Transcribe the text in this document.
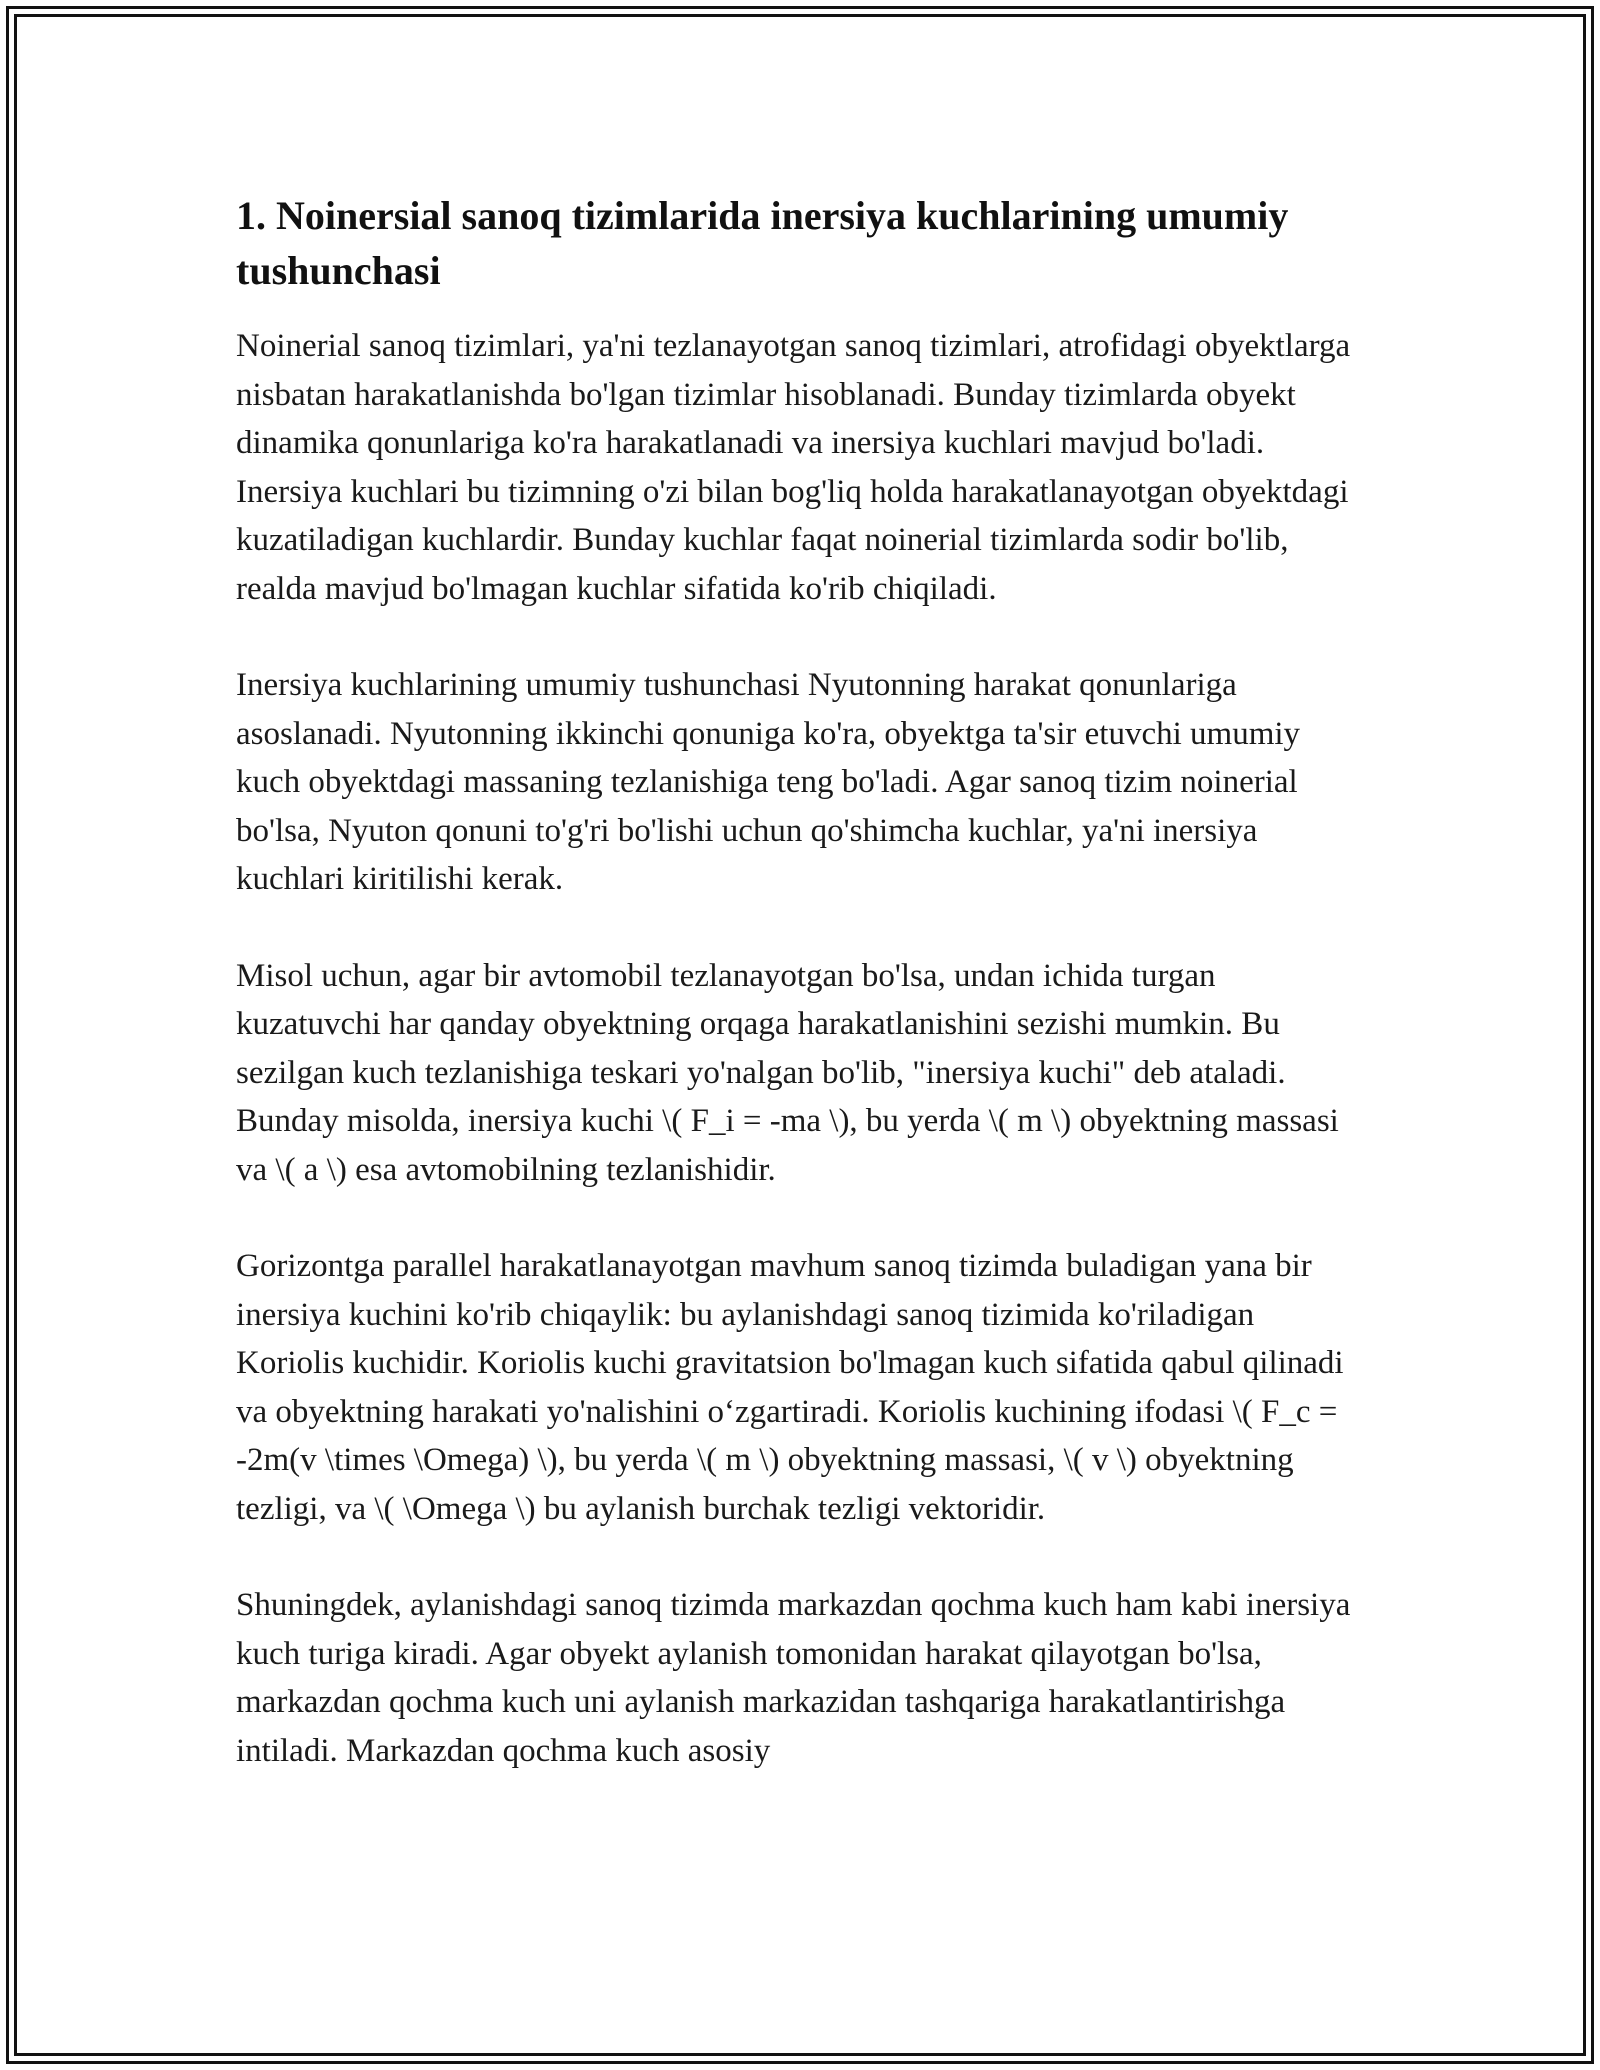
1. Noinersial sanoq tizimlarida inersiya kuchlarining umumiy tushunchasi

Noinerial sanoq tizimlari, ya'ni tezlanayotgan sanoq tizimlari, atrofidagi obyektlarga nisbatan harakatlanishda bo'lgan tizimlar hisoblanadi. Bunday tizimlarda obyekt dinamika qonunlariga ko'ra harakatlanadi va inersiya kuchlari mavjud bo'ladi. Inersiya kuchlari bu tizimning o'zi bilan bog'liq holda harakatlanayotgan obyektdagi kuzatiladigan kuchlardir. Bunday kuchlar faqat noinerial tizimlarda sodir bo'lib, realda mavjud bo'lmagan kuchlar sifatida ko'rib chiqiladi.

Inersiya kuchlarining umumiy tushunchasi Nyutonning harakat qonunlariga asoslanadi. Nyutonning ikkinchi qonuniga ko'ra, obyektga ta'sir etuvchi umumiy kuch obyektdagi massaning tezlanishiga teng bo'ladi. Agar sanoq tizim noinerial bo'lsa, Nyuton qonuni to'g'ri bo'lishi uchun qo'shimcha kuchlar, ya'ni inersiya kuchlari kiritilishi kerak.

Misol uchun, agar bir avtomobil tezlanayotgan bo'lsa, undan ichida turgan kuzatuvchi har qanday obyektning orqaga harakatlanishini sezishi mumkin. Bu sezilgan kuch tezlanishiga teskari yo'nalgan bo'lib, "inersiya kuchi" deb ataladi. Bunday misolda, inersiya kuchi \( F_i = -ma \), bu yerda \( m \) obyektning massasi va \( a \) esa avtomobilning tezlanishidir.

Gorizontga parallel harakatlanayotgan mavhum sanoq tizimda buladigan yana bir inersiya kuchini ko'rib chiqaylik: bu aylanishdagi sanoq tizimida ko'riladigan Koriolis kuchidir. Koriolis kuchi gravitatsion bo'lmagan kuch sifatida qabul qilinadi va obyektning harakati yo'nalishini o‘zgartiradi. Koriolis kuchining ifodasi \( F_c = -2m(v \times \Omega) \), bu yerda \( m \) obyektning massasi, \( v \) obyektning tezligi, va \( \Omega \) bu aylanish burchak tezligi vektoridir.

Shuningdek, aylanishdagi sanoq tizimda markazdan qochma kuch ham kabi inersiya kuch turiga kiradi. Agar obyekt aylanish tomonidan harakat qilayotgan bo'lsa, markazdan qochma kuch uni aylanish markazidan tashqariga harakatlantirishga intiladi. Markazdan qochma kuch asosiy
